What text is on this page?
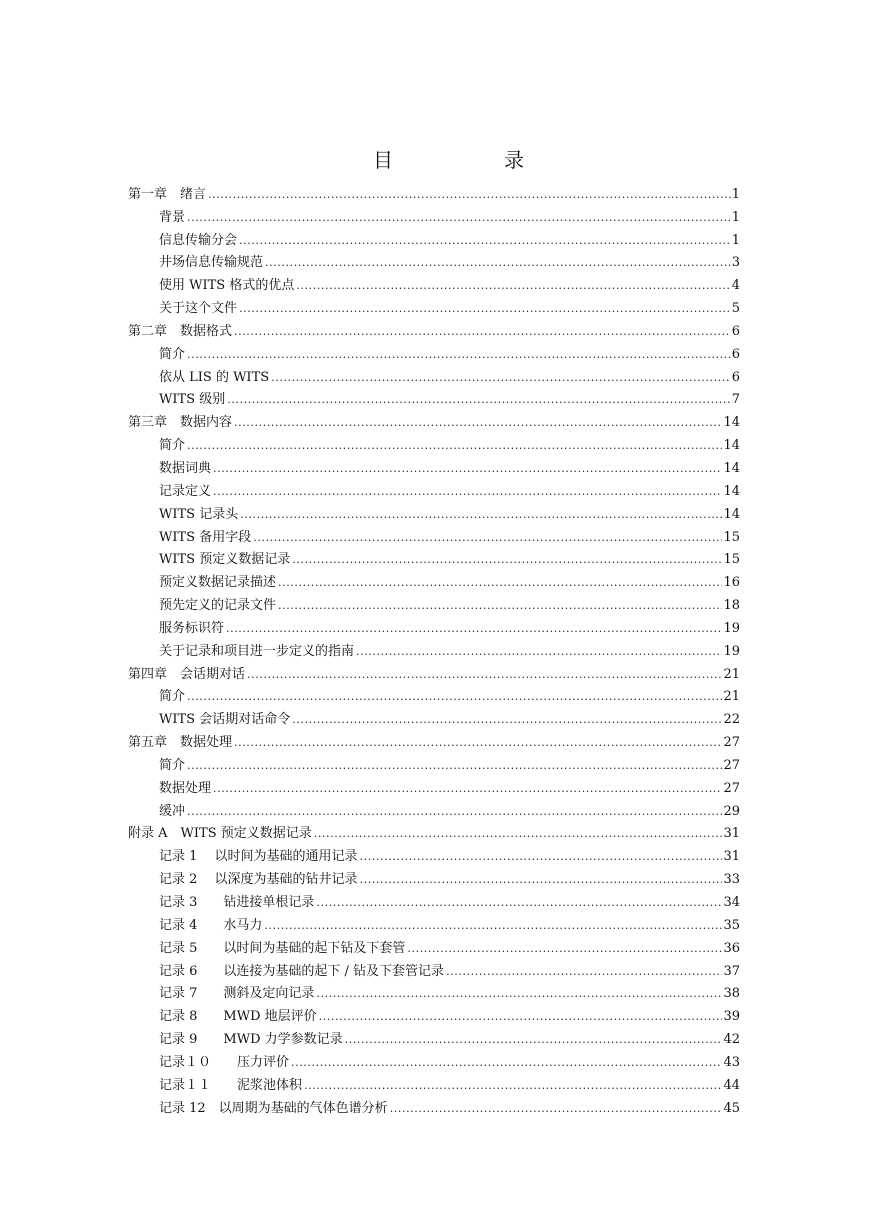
目	录
第一章　绪言 .....	1
背景 .....	1
信息传输分会 .....	1
井场信息传输规范 .....	3
使用 WITS 格式的优点 .....	4
关于这个文件 .....	5
第二章　数据格式 .....	6
简介 .....	6
依从 LIS 的 WITS .....	6
WITS 级别 .....	7
第三章　数据内容 .....	14
简介 .....	14
数据词典 .....	14
记录定义 .....	14
WITS 记录头 .....	14
WITS 备用字段 .....	15
WITS 预定义数据记录 .....	15
预定义数据记录描述 .....	16
预先定义的记录文件 .....	18
服务标识符 .....	19
关于记录和项目进一步定义的指南 .....	19
第四章　会话期对话 .....	21
简介 .....	21
WITS 会话期对话命令 .....	22
第五章　数据处理 .....	27
简介 .....	27
数据处理 .....	27
缓冲 .....	29
附录 A　WITS 预定义数据记录 .....	31
记录 1　 以时间为基础的通用记录 .....	31
记录 2　 以深度为基础的钻井记录 .....	33
记录 3　　钻进接单根记录 .....	34
记录 4　　水马力 .....	35
记录 5　　以时间为基础的起下钻及下套管 .....	36
记录 6　　以连接为基础的起下 / 钻及下套管记录 .....	37
记录 7　　测斜及定向记录 .....	38
记录 8　　MWD 地层评价 .....	39
记录 9　　MWD 力学参数记录 .....	42
记录１０　　压力评价 .....	43
记录１１　　泥浆池体积 .....	44
记录 12　以周期为基础的气体色谱分析 .....	45
